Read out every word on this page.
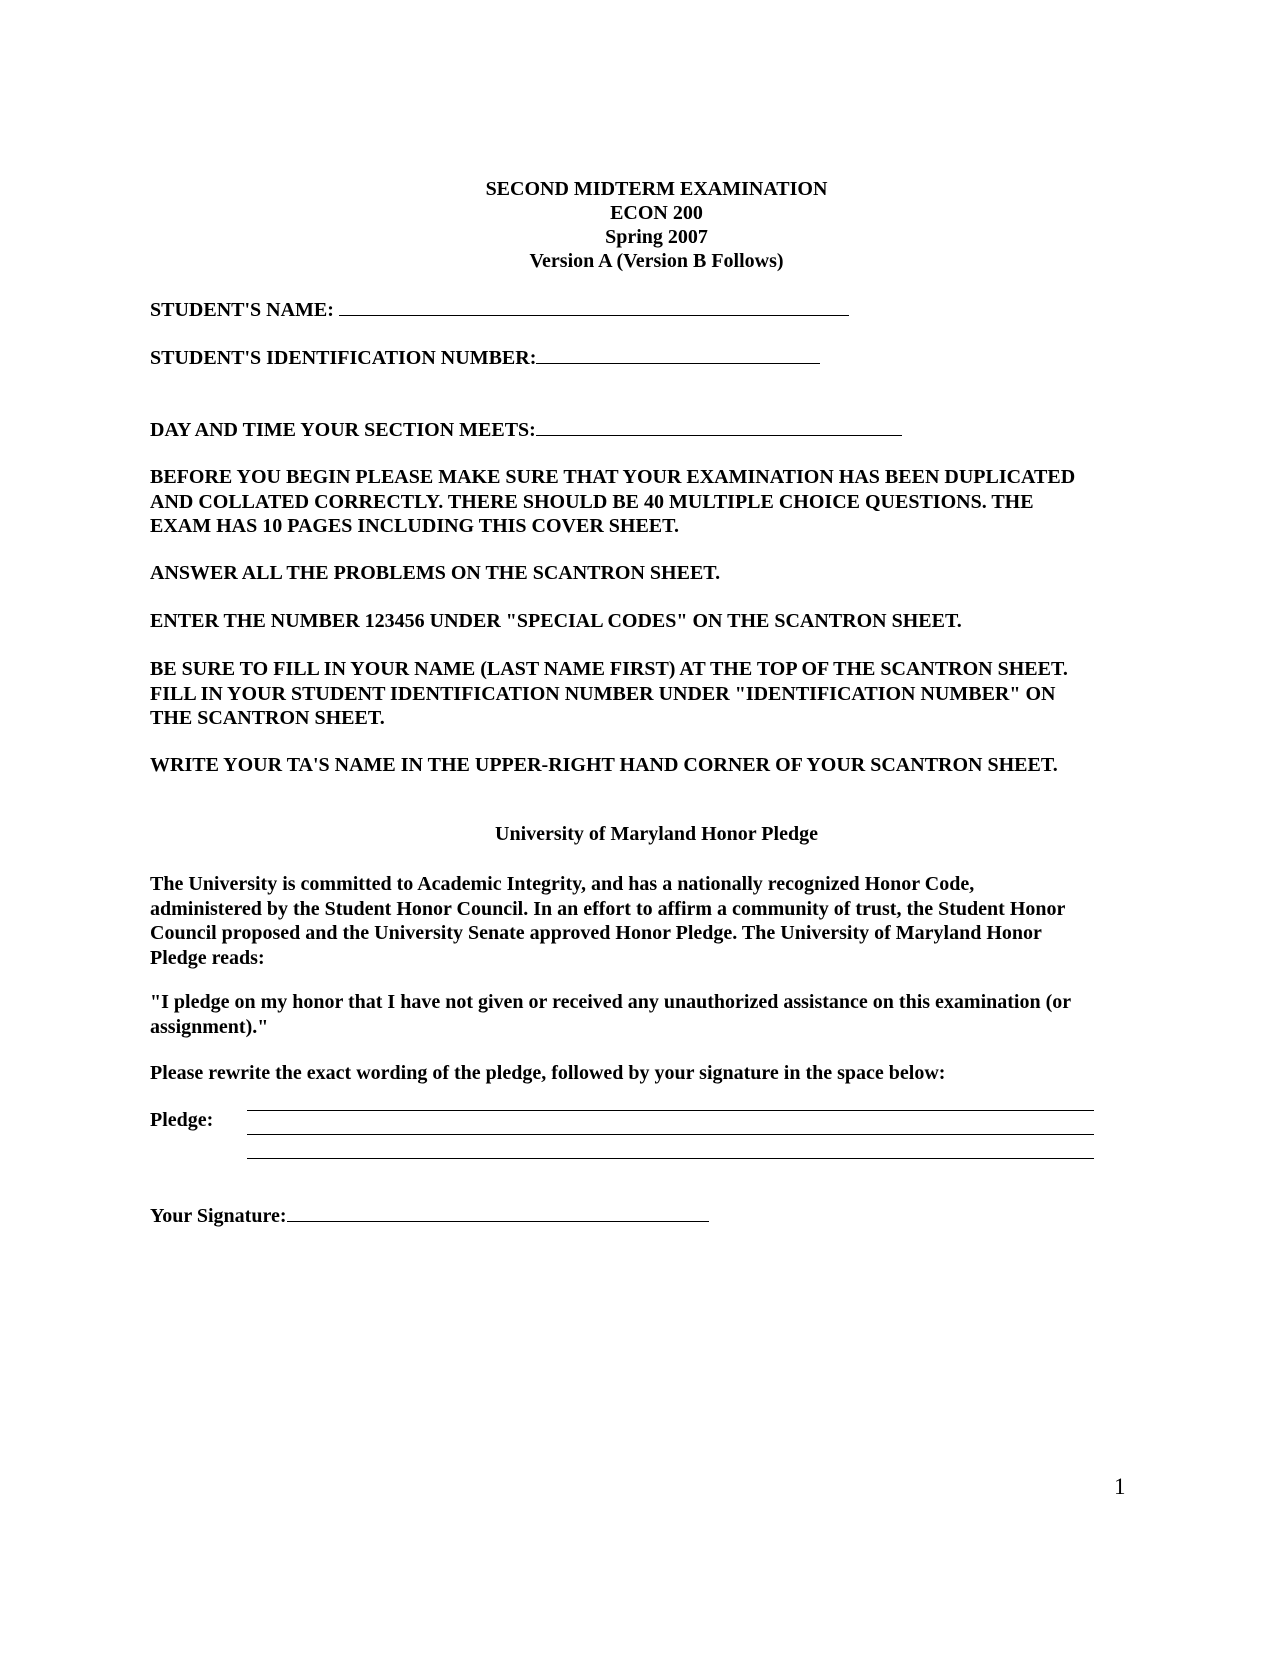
SECOND MIDTERM EXAMINATION
ECON 200
Spring 2007
Version A (Version B Follows)
STUDENT'S NAME:
STUDENT'S IDENTIFICATION NUMBER:
DAY AND TIME YOUR SECTION MEETS:

BEFORE YOU BEGIN PLEASE MAKE SURE THAT YOUR EXAMINATION HAS BEEN DUPLICATED

AND COLLATED CORRECTLY. THERE SHOULD BE 40 MULTIPLE CHOICE QUESTIONS. THE

EXAM HAS 10 PAGES INCLUDING THIS COVER SHEET.

ANSWER ALL THE PROBLEMS ON THE SCANTRON SHEET.

ENTER THE NUMBER 123456 UNDER "SPECIAL CODES" ON THE SCANTRON SHEET.

BE SURE TO FILL IN YOUR NAME (LAST NAME FIRST) AT THE TOP OF THE SCANTRON SHEET.

FILL IN YOUR STUDENT IDENTIFICATION NUMBER UNDER "IDENTIFICATION NUMBER" ON

THE SCANTRON SHEET.

WRITE YOUR TA'S NAME IN THE UPPER-RIGHT HAND CORNER OF YOUR SCANTRON SHEET.

University of Maryland Honor Pledge

The University is committed to Academic Integrity, and has a nationally recognized Honor Code,

administered by the Student Honor Council. In an effort to affirm a community of trust, the Student Honor

Council proposed and the University Senate approved Honor Pledge. The University of Maryland Honor

Pledge reads:

"I pledge on my honor that I have not given or received any unauthorized assistance on this examination (or

assignment)."

Please rewrite the exact wording of the pledge, followed by your signature in the space below:

Pledge:
Your Signature:
1
